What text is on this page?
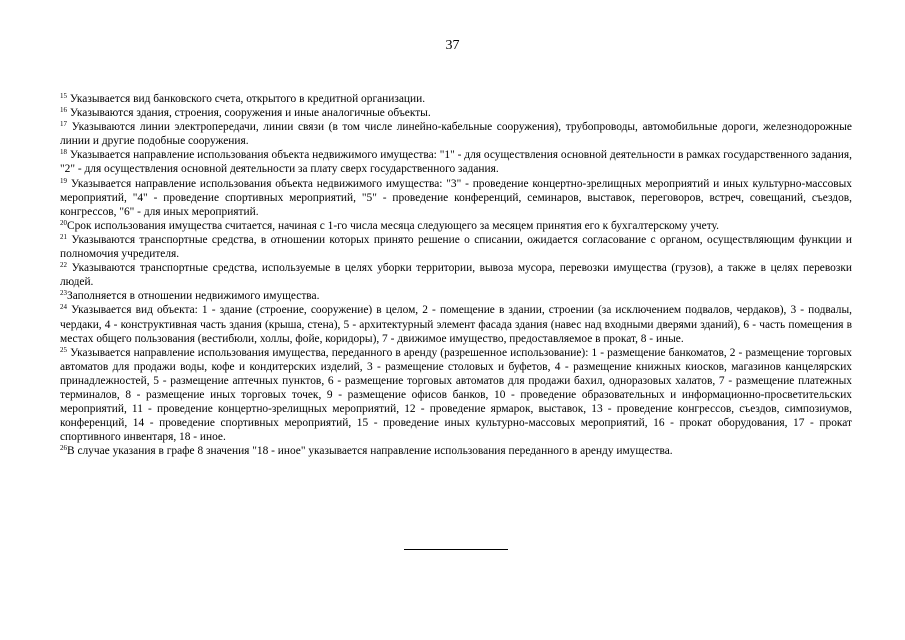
37

$^{15}$ Указывается вид банковского счета, открытого в кредитной организации.

$^{16}$ Указываются здания, строения, сооружения и иные аналогичные объекты.

$^{17}$ Указываются линии электропередачи, линии связи (в том числе линейно-кабельные сооружения), трубопроводы, автомобильные дороги, железнодорожные линии и другие подобные сооружения.

$^{18}$ Указывается направление использования объекта недвижимого имущества: "1" - для осуществления основной деятельности в рамках государственного задания, "2" - для осуществления основной деятельности за плату сверх государственного задания.

$^{19}$ Указывается направление использования объекта недвижимого имущества: "3" - проведение концертно-зрелищных мероприятий и иных культурно-массовых мероприятий, "4" - проведение спортивных мероприятий, "5" - проведение конференций, семинаров, выставок, переговоров, встреч, совещаний, съездов, конгрессов, "6" - для иных мероприятий.

$^{20}$Срок использования имущества считается, начиная с 1-го числа месяца следующего за месяцем принятия его к бухгалтерскому учету.

$^{21}$ Указываются транспортные средства, в отношении которых принято решение о списании, ожидается согласование с органом, осуществляющим функции и полномочия учредителя.

$^{22}$ Указываются транспортные средства, используемые в целях уборки территории, вывоза мусора, перевозки имущества (грузов), а также в целях перевозки людей.

$^{23}$Заполняется в отношении недвижимого имущества.

$^{24}$ Указывается вид объекта: 1 - здание (строение, сооружение) в целом, 2 - помещение в здании, строении (за исключением подвалов, чердаков), 3 - подвалы, чердаки, 4 - конструктивная часть здания (крыша, стена), 5 - архитектурный элемент фасада здания (навес над входными дверями зданий), 6 - часть помещения в местах общего пользования (вестибюли, холлы, фойе, коридоры), 7 - движимое имущество, предоставляемое в прокат, 8 - иные.

$^{25}$ Указывается направление использования имущества, переданного в аренду (разрешенное использование): 1 - размещение банкоматов, 2 - размещение торговых автоматов для продажи воды, кофе и кондитерских изделий, 3 - размещение столовых и буфетов, 4 - размещение книжных киосков, магазинов канцелярских принадлежностей, 5 - размещение аптечных пунктов, 6 - размещение торговых автоматов для продажи бахил, одноразовых халатов, 7 - размещение платежных терминалов, 8 - размещение иных торговых точек, 9 - размещение офисов банков, 10 - проведение образовательных и информационно-просветительских мероприятий, 11 - проведение концертно-зрелищных мероприятий, 12 - проведение ярмарок, выставок, 13 - проведение конгрессов, съездов, симпозиумов, конференций, 14 - проведение спортивных мероприятий, 15 - проведение иных культурно-массовых мероприятий, 16 - прокат оборудования, 17 - прокат спортивного инвентаря, 18 - иное.

$^{26}$В случае указания в графе 8 значения "18 - иное" указывается направление использования переданного в аренду имущества.
